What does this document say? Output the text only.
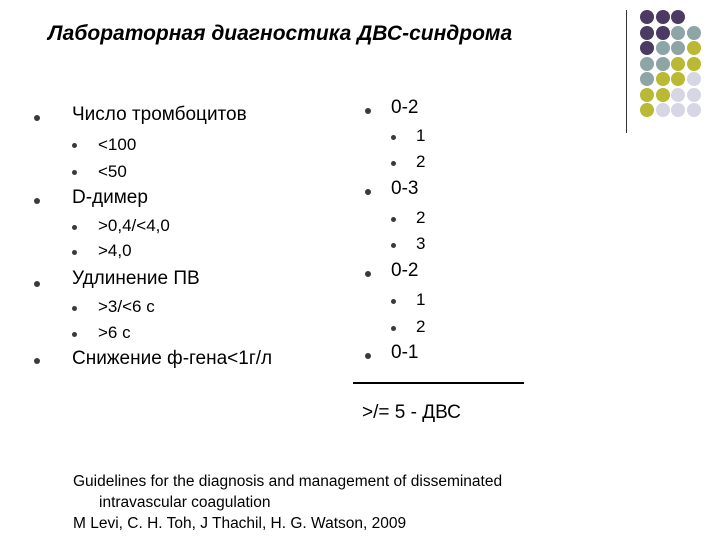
Лабораторная диагностика ДВС-синдрома
Число тромбоцитов
<100
<50
D-димер
>0,4/<4,0
>4,0
Удлинение ПВ
>3/<6 с
>6 с
Снижение ф-гена<1г/л
0-2
1
2
0-3
2
3
0-2
1
2
0-1
>/= 5 - ДВС
Guidelines for the diagnosis and management of disseminated
intravascular coagulation
M Levi, C. H. Toh, J Thachil, H. G. Watson, 2009
